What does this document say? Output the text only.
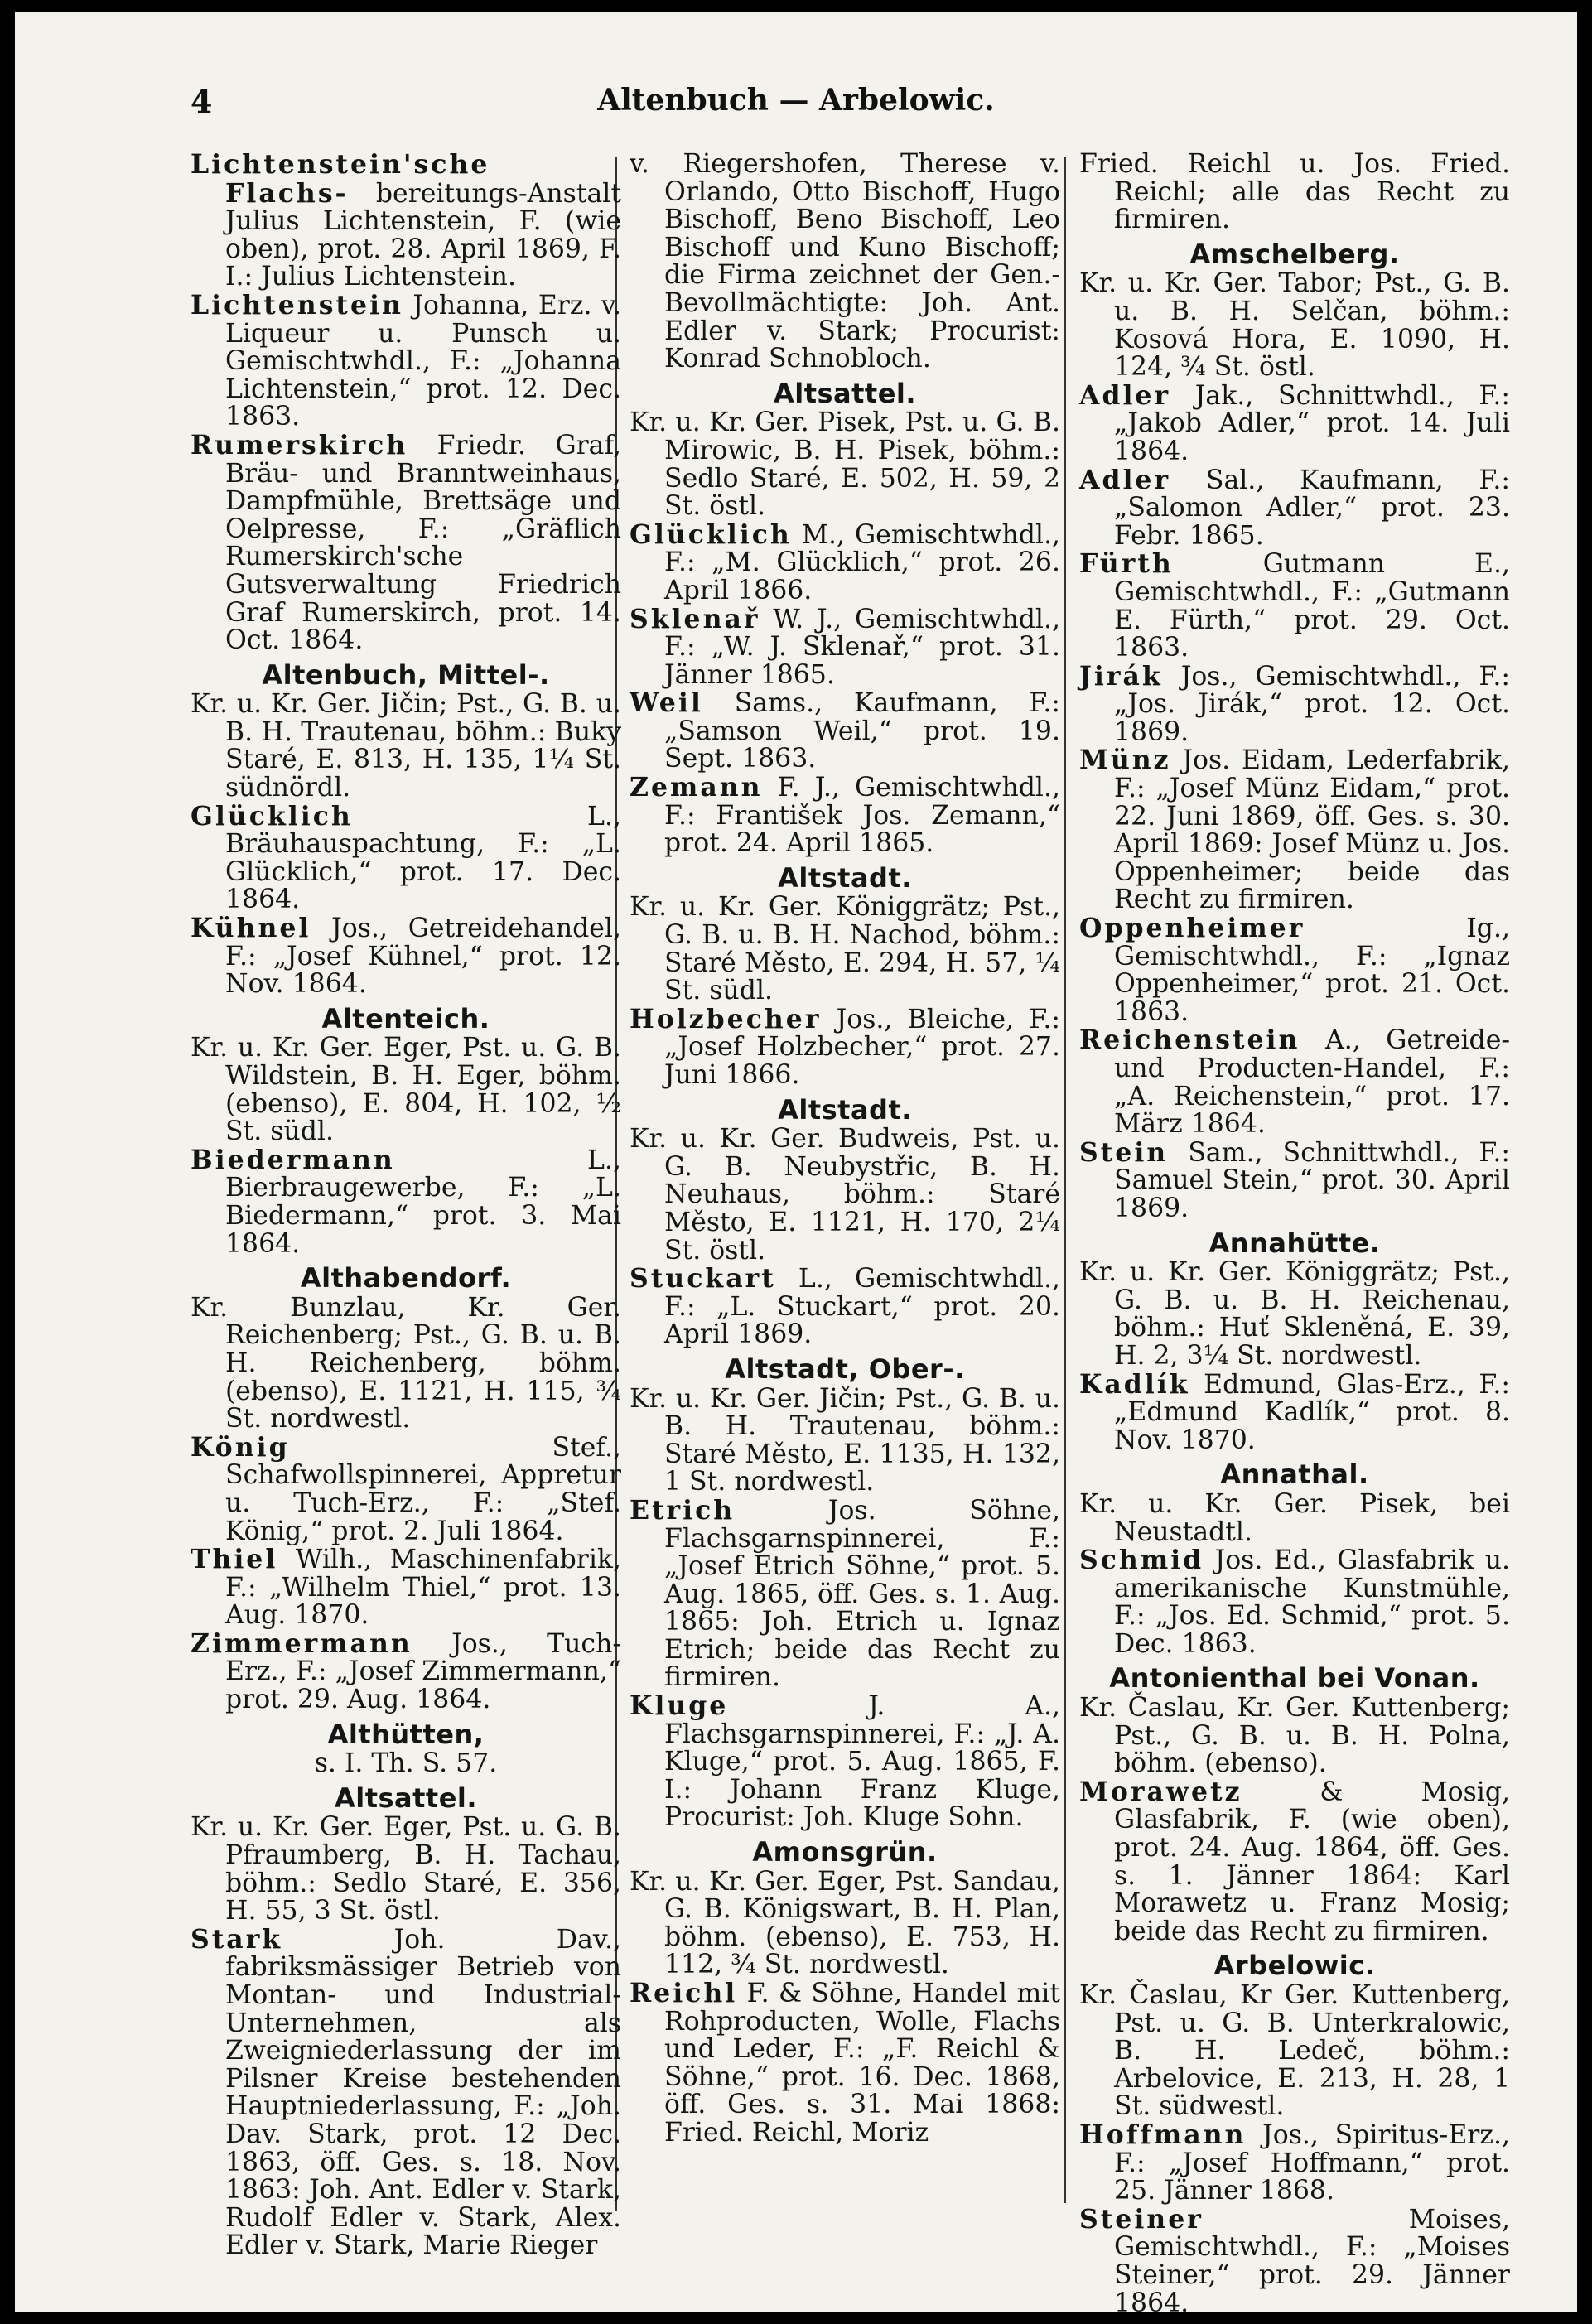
4	Altenbuch — Arbelowic.

Lichtenstein'sche Flachs- bereitungs-Anstalt Julius Lichtenstein, F. (wie oben), prot. 28. April 1869, F. I.: Julius Lichtenstein.

Lichtenstein Johanna, Erz. v. Liqueur u. Punsch u. Gemischtwhdl., F.: „Johanna Lichtenstein,“ prot. 12. Dec. 1863.

Rumerskirch Friedr. Graf, Bräu- und Branntweinhaus, Dampfmühle, Brettsäge und Oelpresse, F.: „Gräflich Rumerskirch'sche Gutsverwaltung Friedrich Graf Rumerskirch, prot. 14. Oct. 1864.

Altenbuch, Mittel-.

Kr. u. Kr. Ger. Jičin; Pst., G. B. u. B. H. Trautenau, böhm.: Buky Staré, E. 813, H. 135, 1¼ St. südnördl.

Glücklich	L., Bräuhauspachtung, F.: „L. Glücklich,“ prot. 17. Dec. 1864.

Kühnel Jos., Getreidehandel, F.: „Josef Kühnel,“ prot. 12. Nov. 1864.

Altenteich.

Kr. u. Kr. Ger. Eger, Pst. u. G. B. Wildstein, B. H. Eger, böhm. (ebenso), E. 804, H. 102, ½ St. südl.

Biedermann	L., Bierbraugewerbe, F.: „L. Biedermann,“ prot. 3. Mai 1864.

Althabendorf.

Kr. Bunzlau, Kr. Ger. Reichenberg; Pst., G. B. u. B. H. Reichenberg, böhm. (ebenso), E. 1121, H. 115, ¾ St. nordwestl.

König	Stef., Schafwollspinnerei, Appretur u. Tuch-Erz., F.: „Stef. König,“ prot. 2. Juli 1864.

Thiel Wilh., Maschinenfabrik, F.: „Wilhelm Thiel,“ prot. 13. Aug. 1870.

Zimmermann Jos., Tuch-Erz., F.: „Josef Zimmermann,“ prot. 29. Aug. 1864.

Althütten,

s. I. Th. S. 57.

Altsattel.

Kr. u. Kr. Ger. Eger, Pst. u. G. B. Pfraumberg, B. H. Tachau, böhm.: Sedlo Staré, E. 356, H. 55, 3 St. östl.

Stark	Joh. Dav., fabriksmässiger Betrieb von Montan- und Industrial-Unternehmen, als Zweigniederlassung der im Pilsner Kreise bestehenden Hauptniederlassung, F.: „Joh. Dav. Stark, prot. 12 Dec. 1863, öff. Ges. s. 18. Nov. 1863: Joh. Ant. Edler v. Stark, Rudolf Edler v. Stark, Alex. Edler v. Stark, Marie Rieger

v. Riegershofen, Therese v. Orlando, Otto Bischoff, Hugo Bischoff, Beno Bischoff, Leo Bischoff und Kuno Bischoff; die Firma zeichnet der Gen.-Bevollmächtigte: Joh. Ant. Edler v. Stark; Procurist: Konrad Schnobloch.

Altsattel.

Kr. u. Kr. Ger. Pisek, Pst. u. G. B. Mirowic, B. H. Pisek, böhm.: Sedlo Staré, E. 502, H. 59, 2 St. östl.

Glücklich M., Gemischtwhdl., F.: „M. Glücklich,“ prot. 26. April 1866.

Sklenař W. J., Gemischtwhdl., F.: „W. J. Sklenař,“ prot. 31. Jänner 1865.

Weil Sams., Kaufmann, F.: „Samson Weil,“ prot. 19. Sept. 1863.

Zemann F. J., Gemischtwhdl., F.: František Jos. Zemann,“ prot. 24. April 1865.

Altstadt.

Kr. u. Kr. Ger. Königgrätz; Pst., G. B. u. B. H. Nachod, böhm.: Staré Město, E. 294, H. 57, ¼ St. südl.

Holzbecher Jos., Bleiche, F.: „Josef Holzbecher,“ prot. 27. Juni 1866.

Altstadt.

Kr. u. Kr. Ger. Budweis, Pst. u. G. B. Neubystřic, B. H. Neuhaus, böhm.: Staré Město, E. 1121, H. 170, 2¼ St. östl.

Stuckart L., Gemischtwhdl., F.: „L. Stuckart,“ prot. 20. April 1869.

Altstadt, Ober-.

Kr. u. Kr. Ger. Jičin; Pst., G. B. u. B. H. Trautenau, böhm.: Staré Město, E. 1135, H. 132, 1 St. nordwestl.

Etrich	Jos. Söhne, Flachsgarnspinnerei, F.: „Josef Etrich Söhne,“ prot. 5. Aug. 1865, öff. Ges. s. 1. Aug. 1865: Joh. Etrich u. Ignaz Etrich; beide das Recht zu firmiren.

Kluge	J. A., Flachsgarnspinnerei, F.: „J. A. Kluge,“ prot. 5. Aug. 1865, F. I.: Johann Franz Kluge, Procurist: Joh. Kluge Sohn.

Amonsgrün.

Kr. u. Kr. Ger. Eger, Pst. Sandau, G. B. Königswart, B. H. Plan, böhm. (ebenso), E. 753, H. 112, ¾ St. nordwestl.

Reichl F. & Söhne, Handel mit Rohproducten, Wolle, Flachs und Leder, F.: „F. Reichl & Söhne,“ prot. 16. Dec. 1868, öff. Ges. s. 31. Mai 1868: Fried. Reichl, Moriz

Fried. Reichl u. Jos. Fried. Reichl; alle das Recht zu firmiren.

Amschelberg.

Kr. u. Kr. Ger. Tabor; Pst., G. B. u. B. H. Selčan, böhm.: Kosová Hora, E. 1090, H. 124, ¾ St. östl.

Adler Jak., Schnittwhdl., F.: „Jakob Adler,“ prot. 14. Juli 1864.

Adler Sal., Kaufmann, F.: „Salomon Adler,“ prot. 23. Febr. 1865.

Fürth	Gutmann E., Gemischtwhdl., F.: „Gutmann E. Fürth,“ prot. 29. Oct. 1863.

Jirák Jos., Gemischtwhdl., F.: „Jos. Jirák,“ prot. 12. Oct. 1869.

Münz Jos. Eidam, Lederfabrik, F.: „Josef Münz Eidam,“ prot. 22. Juni 1869, öff. Ges. s. 30. April 1869: Josef Münz u. Jos. Oppenheimer; beide das Recht zu firmiren.

Oppenheimer	Ig., Gemischtwhdl., F.: „Ignaz Oppenheimer,“ prot. 21. Oct. 1863.

Reichenstein A., Getreide- und Producten-Handel, F.: „A. Reichenstein,“ prot. 17. März 1864.

Stein Sam., Schnittwhdl., F.: Samuel Stein,“ prot. 30. April 1869.

Annahütte.

Kr. u. Kr. Ger. Königgrätz; Pst., G. B. u. B. H. Reichenau, böhm.: Huť Skleněná, E. 39, H. 2, 3¼ St. nordwestl.

Kadlík Edmund, Glas-Erz., F.: „Edmund Kadlík,“ prot. 8. Nov. 1870.

Annathal.

Kr. u. Kr. Ger. Pisek, bei Neustadtl.

Schmid Jos. Ed., Glasfabrik u. amerikanische Kunstmühle, F.: „Jos. Ed. Schmid,“ prot. 5. Dec. 1863.

Antonienthal bei Vonan.

Kr. Časlau, Kr. Ger. Kuttenberg; Pst., G. B. u. B. H. Polna, böhm. (ebenso).

Morawetz	& Mosig, Glasfabrik, F. (wie oben), prot. 24. Aug. 1864, öff. Ges. s. 1. Jänner 1864: Karl Morawetz u. Franz Mosig; beide das Recht zu firmiren.

Arbelowic.

Kr. Časlau, Kr Ger. Kuttenberg, Pst. u. G. B. Unterkralowic, B. H. Ledeč, böhm.: Arbelovice, E. 213, H. 28, 1 St. südwestl.

Hoffmann Jos., Spiritus-Erz., F.: „Josef Hoffmann,“ prot. 25. Jänner 1868.

Steiner	Moises, Gemischtwhdl., F.: „Moises Steiner,“ prot. 29. Jänner 1864.
